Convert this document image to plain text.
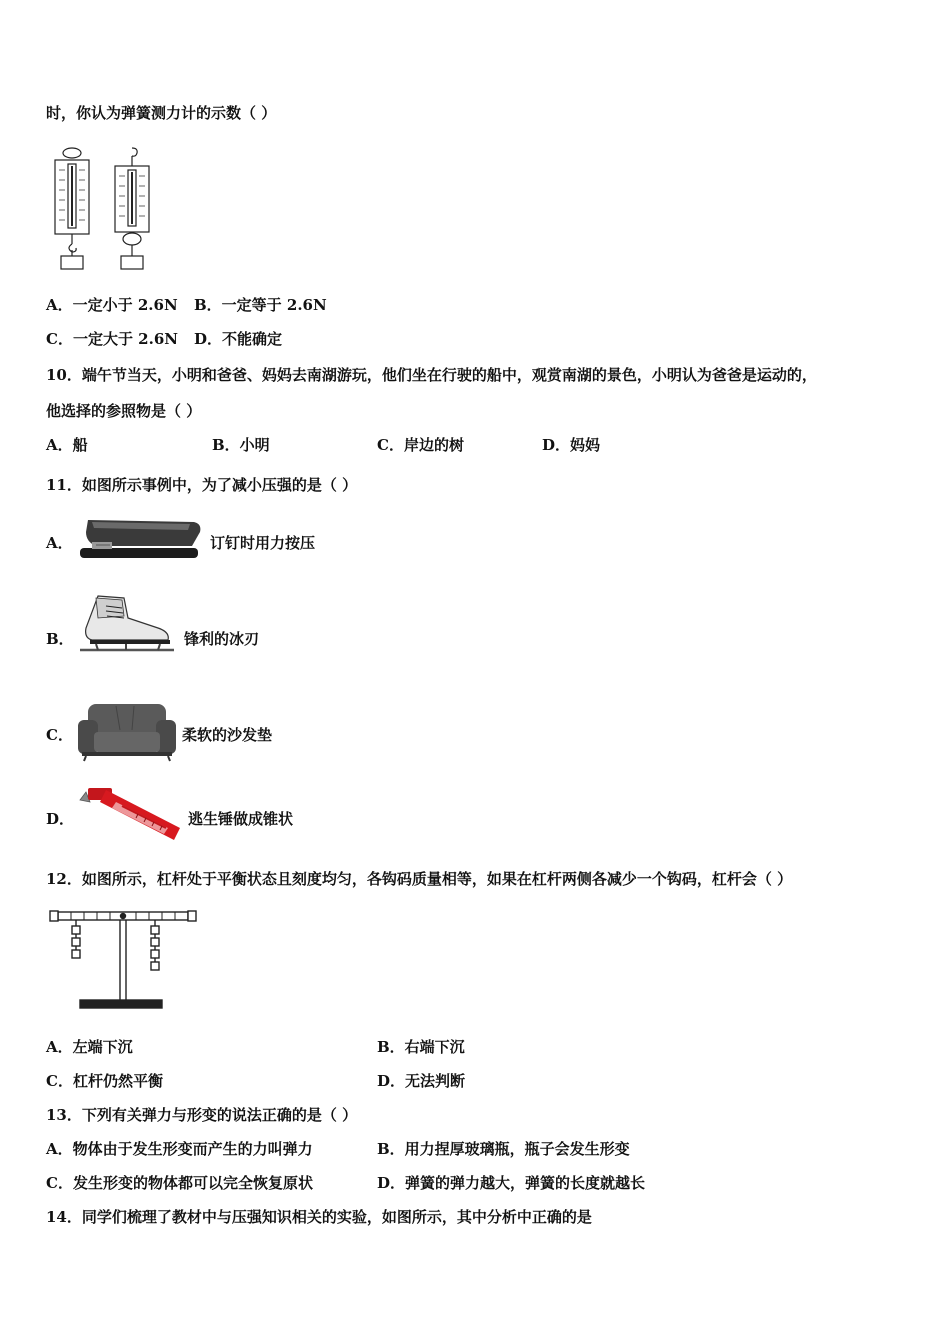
时，你认为弹簧测力计的示数（ ）
A．一定小于 2.6N B．一定等于 2.6N
C．一定大于 2.6N D．不能确定
10．端午节当天，小明和爸爸、妈妈去南湖游玩，他们坐在行驶的船中，观赏南湖的景色，小明认为爸爸是运动的，
他选择的参照物是（ ）
A．船	B．小明	C．岸边的树	D．妈妈
11．如图所示事例中，为了减小压强的是（ ）
A．	订钉时用力按压
B．	锋利的冰刃
C．	柔软的沙发垫
D．	逃生锤做成锥状
12．如图所示，杠杆处于平衡状态且刻度均匀，各钩码质量相等，如果在杠杆两侧各减少一个钩码，杠杆会（ ）
A．左端下沉	B．右端下沉
C．杠杆仍然平衡	D．无法判断
13．下列有关弹力与形变的说法正确的是（ ）
A．物体由于发生形变而产生的力叫弹力	B．用力捏厚玻璃瓶，瓶子会发生形变
C．发生形变的物体都可以完全恢复原状	D．弹簧的弹力越大，弹簧的长度就越长
14．同学们梳理了教材中与压强知识相关的实验，如图所示，其中分析中正确的是
